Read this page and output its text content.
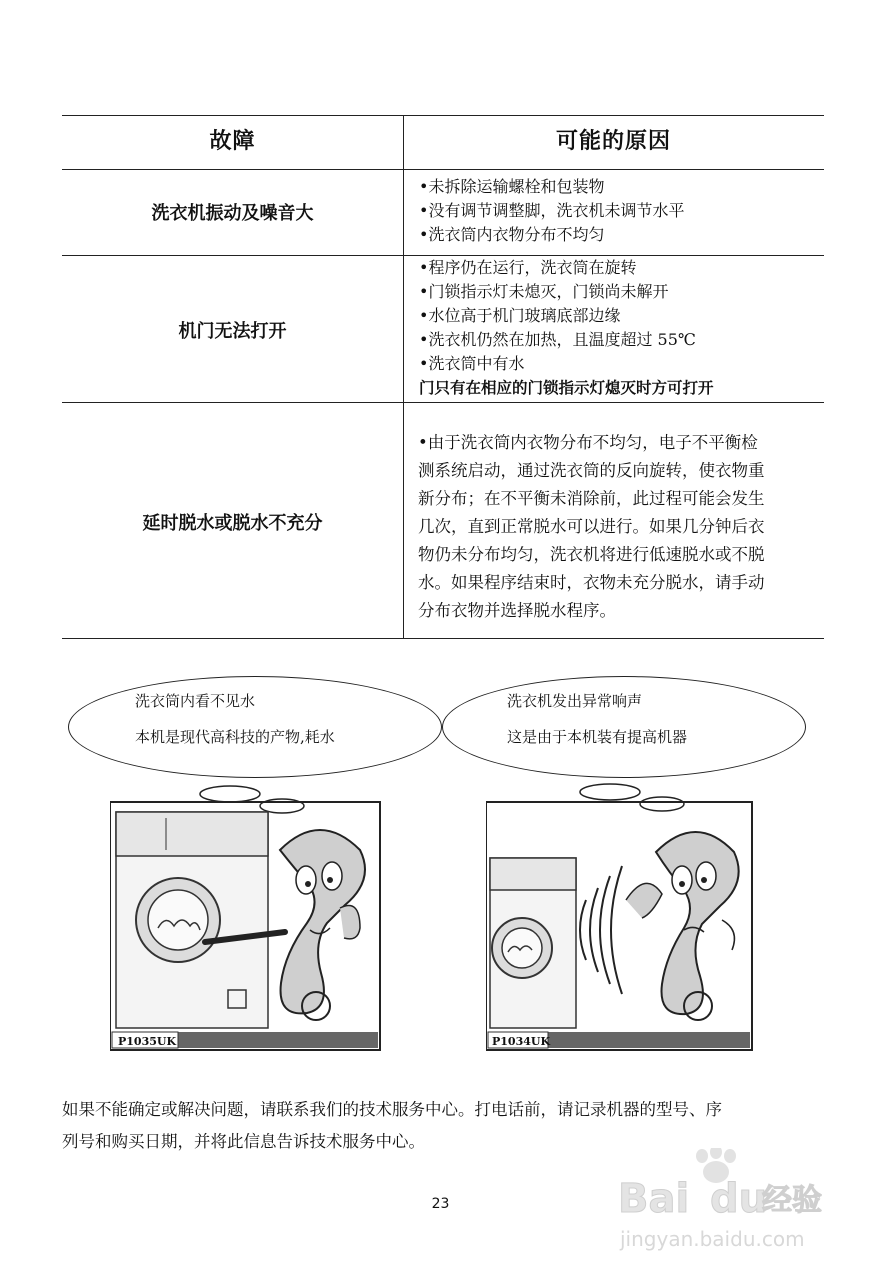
故障	可能的原因
洗衣机振动及噪音大
•未拆除运输螺栓和包装物
•没有调节调整脚，洗衣机未调节水平
•洗衣筒内衣物分布不均匀
机门无法打开
•程序仍在运行，洗衣筒在旋转
•门锁指示灯未熄灭，门锁尚未解开
•水位高于机门玻璃底部边缘
•洗衣机仍然在加热，且温度超过 55℃
•洗衣筒中有水
门只有在相应的门锁指示灯熄灭时方可打开
延时脱水或脱水不充分
•由于洗衣筒内衣物分布不均匀，电子不平衡检
测系统启动，通过洗衣筒的反向旋转，使衣物重
新分布；在不平衡未消除前，此过程可能会发生
几次，直到正常脱水可以进行。如果几分钟后衣
物仍未分布均匀，洗衣机将进行低速脱水或不脱
水。如果程序结束时，衣物未充分脱水，请手动
分布衣物并选择脱水程序。
洗衣筒内看不见水
本机是现代高科技的产物,耗水
洗衣机发出异常响声
这是由于本机装有提高机器
P1035UK	P1034UK
如果不能确定或解决问题，请联系我们的技术服务中心。打电话前，请记录机器的型号、序
列号和购买日期，并将此信息告诉技术服务中心。
23	Bai du
经验
jingyan.baidu.com
